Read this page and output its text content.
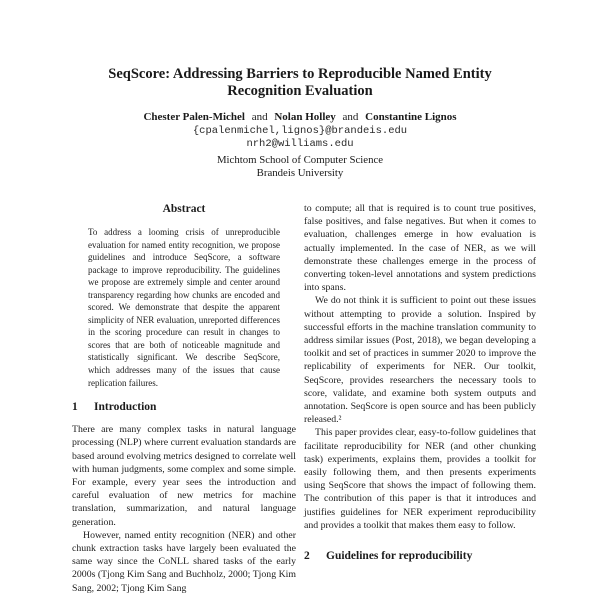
SeqScore: Addressing Barriers to Reproducible Named Entity Recognition Evaluation
Chester Palen-Michel and Nolan Holley and Constantine Lignos
{cpalenmichel,lignos}@brandeis.edu
nrh2@williams.edu
Michtom School of Computer Science
Brandeis University
Abstract

To address a looming crisis of unreproducible evaluation for named entity recognition, we propose guidelines and introduce SeqScore, a software package to improve reproducibility. The guidelines we propose are extremely simple and center around transparency regarding how chunks are encoded and scored. We demonstrate that despite the apparent simplicity of NER evaluation, unreported differences in the scoring procedure can result in changes to scores that are both of noticeable magnitude and statistically significant. We describe SeqScore, which addresses many of the issues that cause replication failures.

1 Introduction

There are many complex tasks in natural language processing (NLP) where current evaluation standards are based around evolving metrics designed to correlate well with human judgments, some complex and some simple. For example, every year sees the introduction and careful evaluation of new metrics for machine translation, summarization, and natural language generation.

However, named entity recognition (NER) and other chunk extraction tasks have largely been evaluated the same way since the CoNLL shared tasks of the early 2000s (Tjong Kim Sang and Buchholz, 2000; Tjong Kim Sang, 2002; Tjong Kim Sang

to compute; all that is required is to count true positives, false positives, and false negatives. But when it comes to evaluation, challenges emerge in how evaluation is actually implemented. In the case of NER, as we will demonstrate these challenges emerge in the process of converting token-level annotations and system predictions into spans.

We do not think it is sufficient to point out these issues without attempting to provide a solution. Inspired by successful efforts in the machine translation community to address similar issues (Post, 2018), we began developing a toolkit and set of practices in summer 2020 to improve the replicability of experiments for NER. Our toolkit, SeqScore, provides researchers the necessary tools to score, validate, and examine both system outputs and annotation. SeqScore is open source and has been publicly released.²

This paper provides clear, easy-to-follow guidelines that facilitate reproducibility for NER (and other chunking task) experiments, explains them, provides a toolkit for easily following them, and then presents experiments using SeqScore that shows the impact of following them. The contribution of this paper is that it introduces and justifies guidelines for NER experiment reproducibility and provides a toolkit that makes them easy to follow.

2 Guidelines for reproducibility
